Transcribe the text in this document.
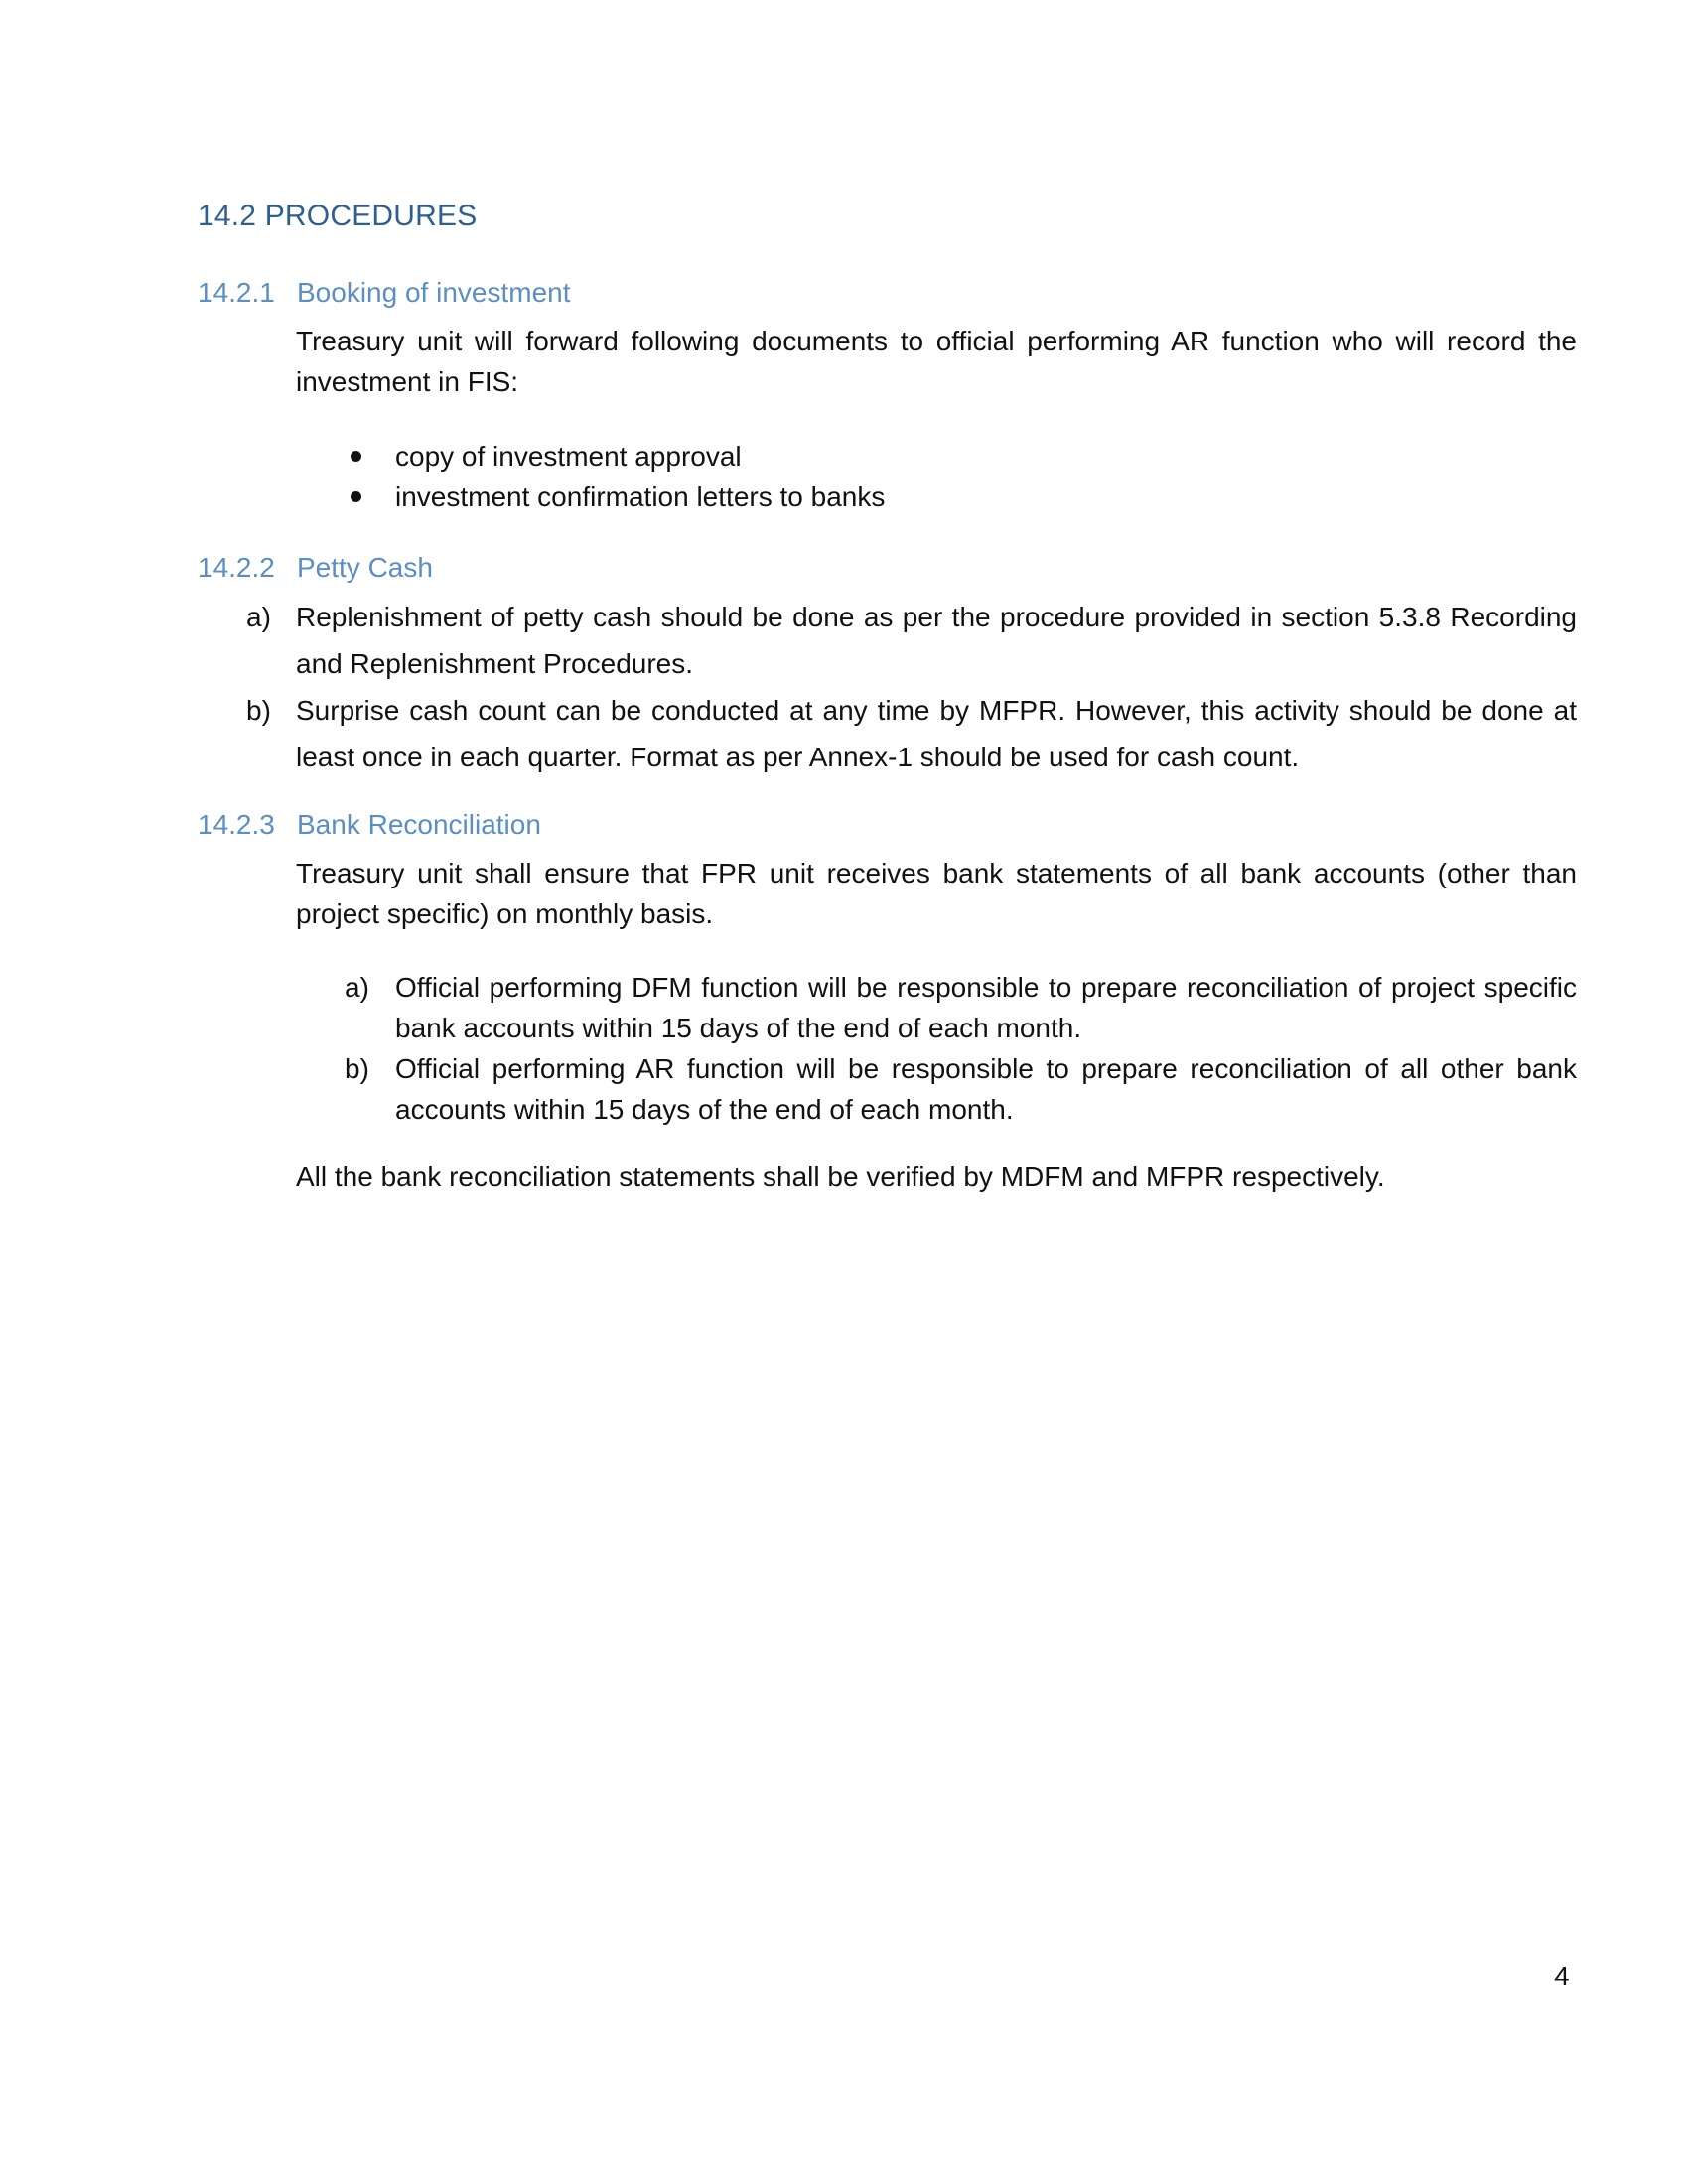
14.2 PROCEDURES
14.2.1 Booking of investment
Treasury unit will forward following documents to official performing AR function who will record the investment in FIS:
copy of investment approval
investment confirmation letters to banks
14.2.2 Petty Cash
a) Replenishment of petty cash should be done as per the procedure provided in section 5.3.8 Recording and Replenishment Procedures.
b) Surprise cash count can be conducted at any time by MFPR. However, this activity should be done at least once in each quarter. Format as per Annex-1 should be used for cash count.
14.2.3 Bank Reconciliation
Treasury unit shall ensure that FPR unit receives bank statements of all bank accounts (other than project specific) on monthly basis.
a) Official performing DFM function will be responsible to prepare reconciliation of project specific bank accounts within 15 days of the end of each month.
b) Official performing AR function will be responsible to prepare reconciliation of all other bank accounts within 15 days of the end of each month.
All the bank reconciliation statements shall be verified by MDFM and MFPR respectively.
4
